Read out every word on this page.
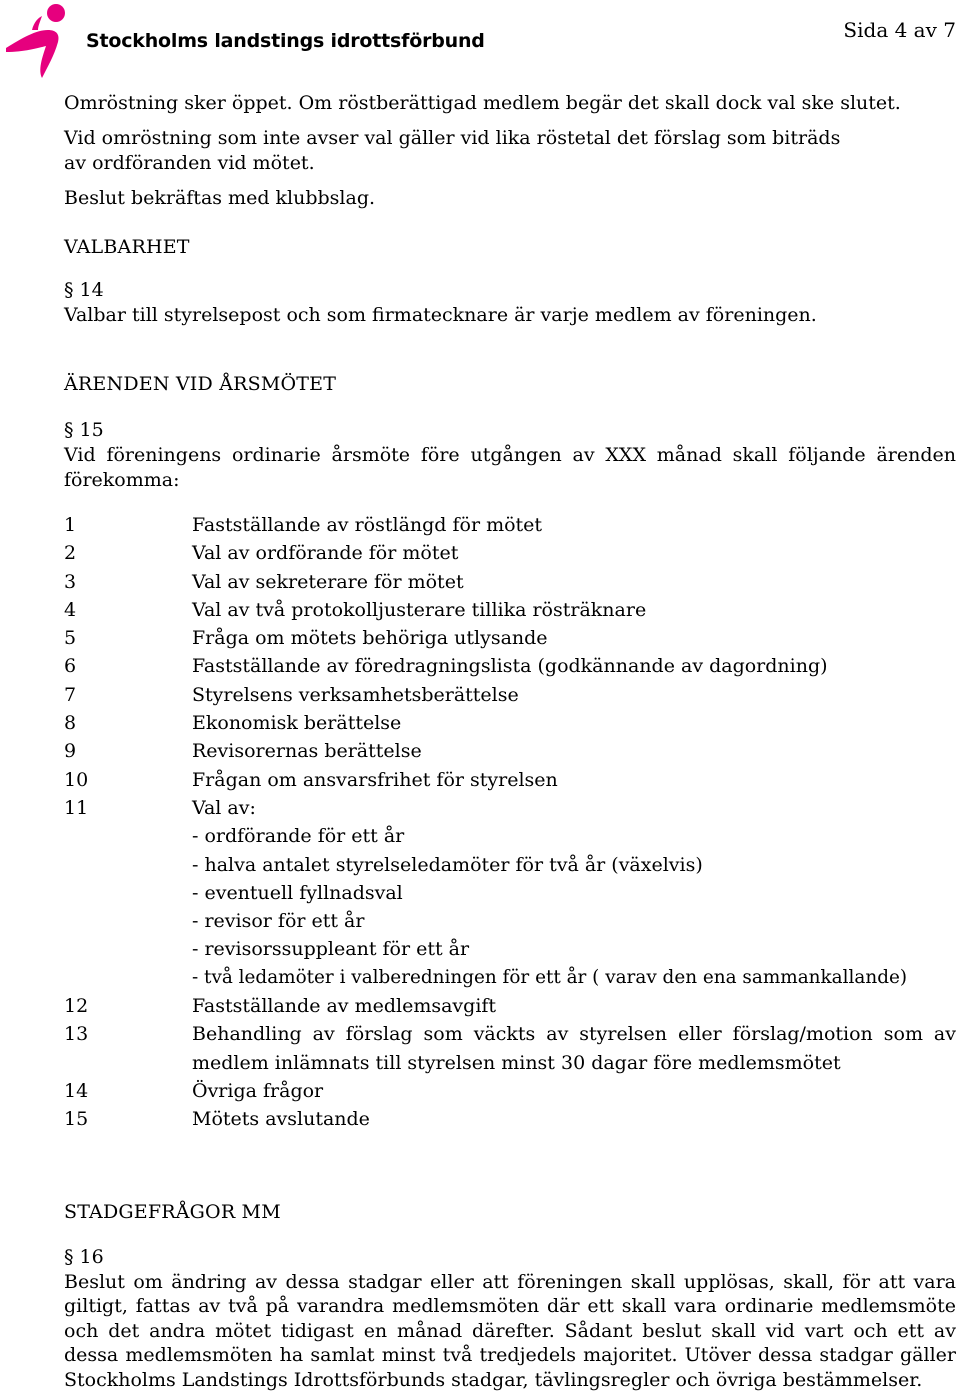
Stockholms landstings idrottsförbund	Sida 4 av 7

Omröstning sker öppet. Om röstberättigad medlem begär det skall dock val ske slutet.

Vid omröstning som inte avser val gäller vid lika röstetal det förslag som biträds av ordföranden vid mötet.

Beslut bekräftas med klubbslag.

VALBARHET

§ 14

Valbar till styrelsepost och som firmatecknare är varje medlem av föreningen.

ÄRENDEN VID ÅRSMÖTET

§ 15

Vid föreningens ordinarie årsmöte före utgången av XXX månad skall följande ärenden förekomma:

1	Fastställande av röstlängd för mötet
2	Val av ordförande för mötet
3	Val av sekreterare för mötet
4	Val av två protokolljusterare tillika rösträknare
5	Fråga om mötets behöriga utlysande
6	Fastställande av föredragningslista (godkännande av dagordning)
7	Styrelsens verksamhetsberättelse
8	Ekonomisk berättelse
9	Revisorernas berättelse
10	Frågan om ansvarsfrihet för styrelsen
11	Val av:
- ordförande för ett år
- halva antalet styrelseledamöter för två år (växelvis)
- eventuell fyllnadsval
- revisor för ett år
- revisorssuppleant för ett år
- två ledamöter i valberedningen för ett år ( varav den ena sammankallande)
12	Fastställande av medlemsavgift
13	Behandling av förslag som väckts av styrelsen eller förslag/motion som av medlem inlämnats till styrelsen minst 30 dagar före medlemsmötet
14	Övriga frågor
15	Mötets avslutande

STADGEFRÅGOR MM

§ 16

Beslut om ändring av dessa stadgar eller att föreningen skall upplösas, skall, för att vara giltigt, fattas av två på varandra medlemsmöten där ett skall vara ordinarie medlemsmöte och det andra mötet tidigast en månad därefter. Sådant beslut skall vid vart och ett av dessa medlemsmöten ha samlat minst två tredjedels majoritet. Utöver dessa stadgar gäller Stockholms Landstings Idrottsförbunds stadgar, tävlingsregler och övriga bestämmelser.
